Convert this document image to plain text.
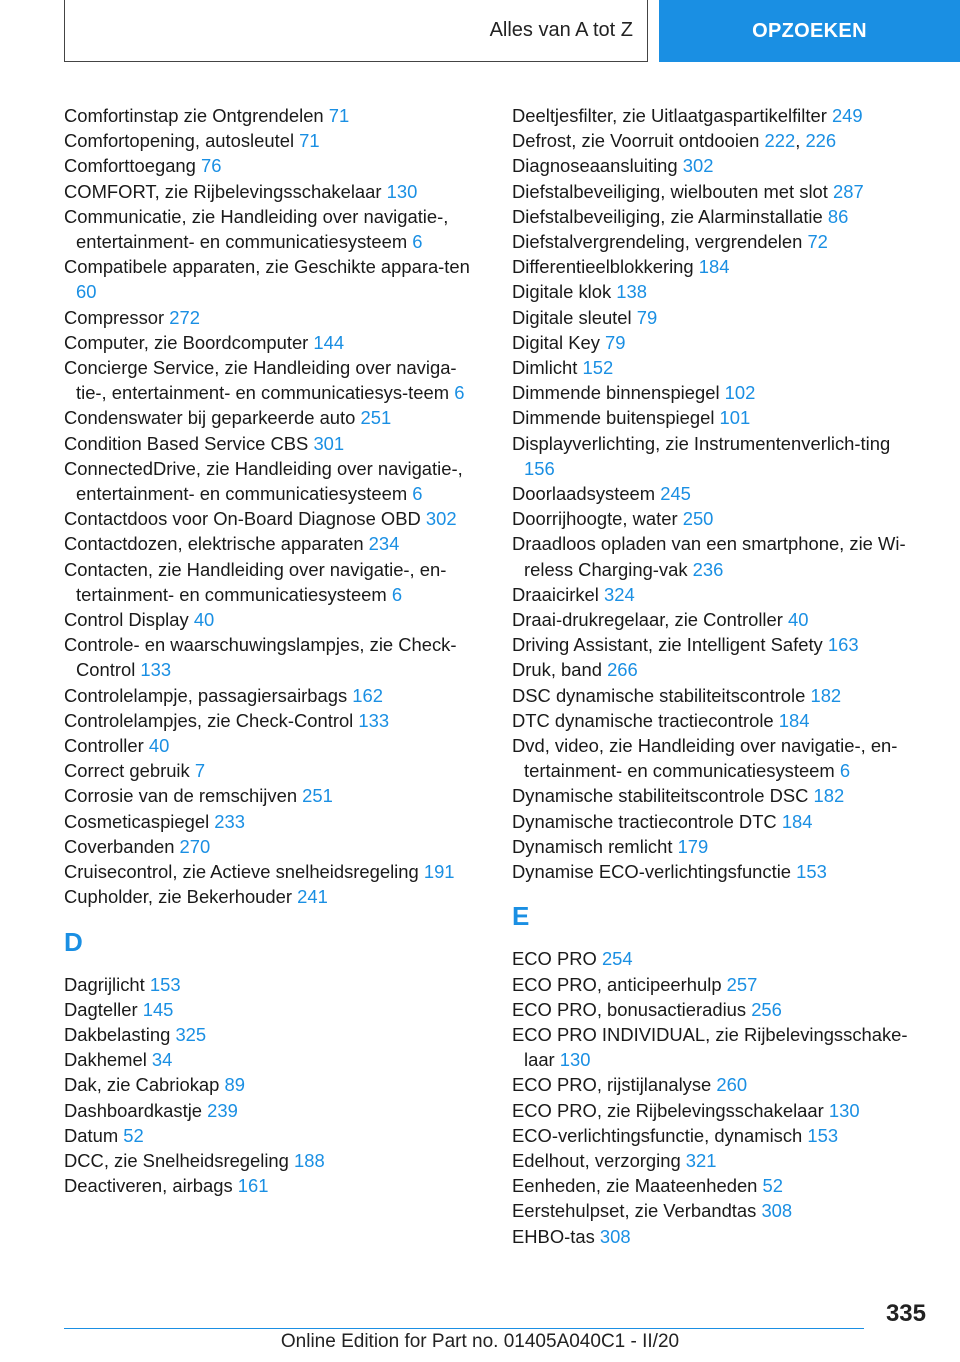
Alles van A tot Z	OPZOEKEN

Comfortinstap zie Ontgrendelen 71

Comfortopening, autosleutel 71

Comforttoegang 76

COMFORT, zie Rijbelevingsschakelaar 130

Communicatie, zie Handleiding over navigatie-, entertainment- en communicatiesysteem 6

Compatibele apparaten, zie Geschikte appara-ten 60

Compressor 272

Computer, zie Boordcomputer 144

Concierge Service, zie Handleiding over naviga-tie-, entertainment- en communicatiesys-teem 6

Condenswater bij geparkeerde auto 251

Condition Based Service CBS 301

ConnectedDrive, zie Handleiding over navigatie-, entertainment- en communicatiesysteem 6

Contactdoos voor On-Board Diagnose OBD 302

Contactdozen, elektrische apparaten 234

Contacten, zie Handleiding over navigatie-, en-tertainment- en communicatiesysteem 6

Control Display 40

Controle- en waarschuwingslampjes, zie Check-Control 133

Controlelampje, passagiersairbags 162

Controlelampjes, zie Check-Control 133

Controller 40

Correct gebruik 7

Corrosie van de remschijven 251

Cosmeticaspiegel 233

Coverbanden 270

Cruisecontrol, zie Actieve snelheidsregeling 191

Cupholder, zie Bekerhouder 241

D

Dagrijlicht 153

Dagteller 145

Dakbelasting 325

Dakhemel 34

Dak, zie Cabriokap 89

Dashboardkastje 239

Datum 52

DCC, zie Snelheidsregeling 188

Deactiveren, airbags 161

Deeltjesfilter, zie Uitlaatgaspartikelfilter 249

Defrost, zie Voorruit ontdooien 222, 226

Diagnoseaansluiting 302

Diefstalbeveiliging, wielbouten met slot 287

Diefstalbeveiliging, zie Alarminstallatie 86

Diefstalvergrendeling, vergrendelen 72

Differentieelblokkering 184

Digitale klok 138

Digitale sleutel 79

Digital Key 79

Dimlicht 152

Dimmende binnenspiegel 102

Dimmende buitenspiegel 101

Displayverlichting, zie Instrumentenverlich-ting 156

Doorlaadsysteem 245

Doorrijhoogte, water 250

Draadloos opladen van een smartphone, zie Wi-reless Charging-vak 236

Draaicirkel 324

Draai-drukregelaar, zie Controller 40

Driving Assistant, zie Intelligent Safety 163

Druk, band 266

DSC dynamische stabiliteitscontrole 182

DTC dynamische tractiecontrole 184

Dvd, video, zie Handleiding over navigatie-, en-tertainment- en communicatiesysteem 6

Dynamische stabiliteitscontrole DSC 182

Dynamische tractiecontrole DTC 184

Dynamisch remlicht 179

Dynamise ECO-verlichtingsfunctie 153

E

ECO PRO 254

ECO PRO, anticipeerhulp 257

ECO PRO, bonusactieradius 256

ECO PRO INDIVIDUAL, zie Rijbelevingsschake-laar 130

ECO PRO, rijstijlanalyse 260

ECO PRO, zie Rijbelevingsschakelaar 130

ECO-verlichtingsfunctie, dynamisch 153

Edelhout, verzorging 321

Eenheden, zie Maateenheden 52

Eerstehulpset, zie Verbandtas 308

EHBO-tas 308

335
Online Edition for Part no. 01405A040C1 - II/20
